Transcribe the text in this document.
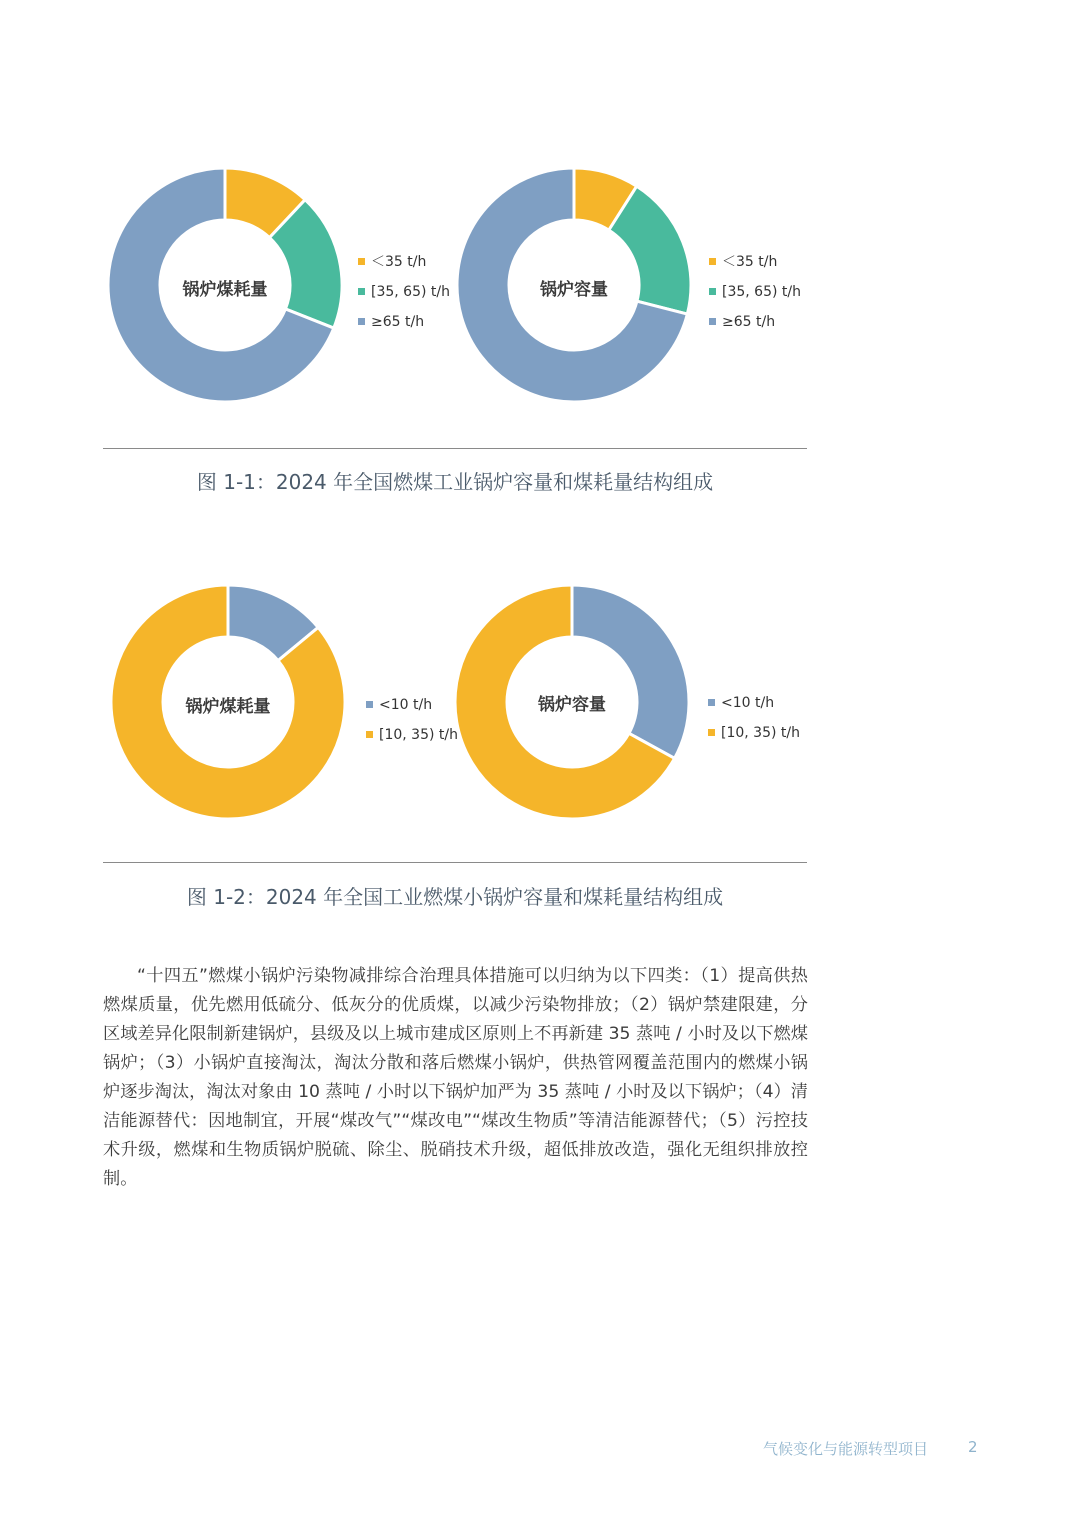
锅炉煤耗量
＜35 t/h
[35, 65) t/h
≥65 t/h
锅炉容量
＜35 t/h
[35, 65) t/h
≥65 t/h
图 1-1：2024 年全国燃煤工业锅炉容量和煤耗量结构组成
锅炉煤耗量	<10 t/h
[10, 35) t/h
锅炉容量	<10 t/h
[10, 35) t/h
图 1-2：2024 年全国工业燃煤小锅炉容量和煤耗量结构组成

“十四五”燃煤小锅炉污染物减排综合治理具体措施可以归纳为以下四类：（1）提高供热燃煤质量，优先燃用低硫分、低灰分的优质煤，以减少污染物排放；（2）锅炉禁建限建，分区域差异化限制新建锅炉，县级及以上城市建成区原则上不再新建 35 蒸吨 / 小时及以下燃煤锅炉；（3）小锅炉直接淘汰，淘汰分散和落后燃煤小锅炉，供热管网覆盖范围内的燃煤小锅炉逐步淘汰，淘汰对象由 10 蒸吨 / 小时以下锅炉加严为 35 蒸吨 / 小时及以下锅炉；（4）清洁能源替代：因地制宜，开展“煤改气”“煤改电”“煤改生物质”等清洁能源替代；（5）污控技术升级，燃煤和生物质锅炉脱硫、除尘、脱硝技术升级，超低排放改造，强化无组织排放控制。

气候变化与能源转型项目	2
